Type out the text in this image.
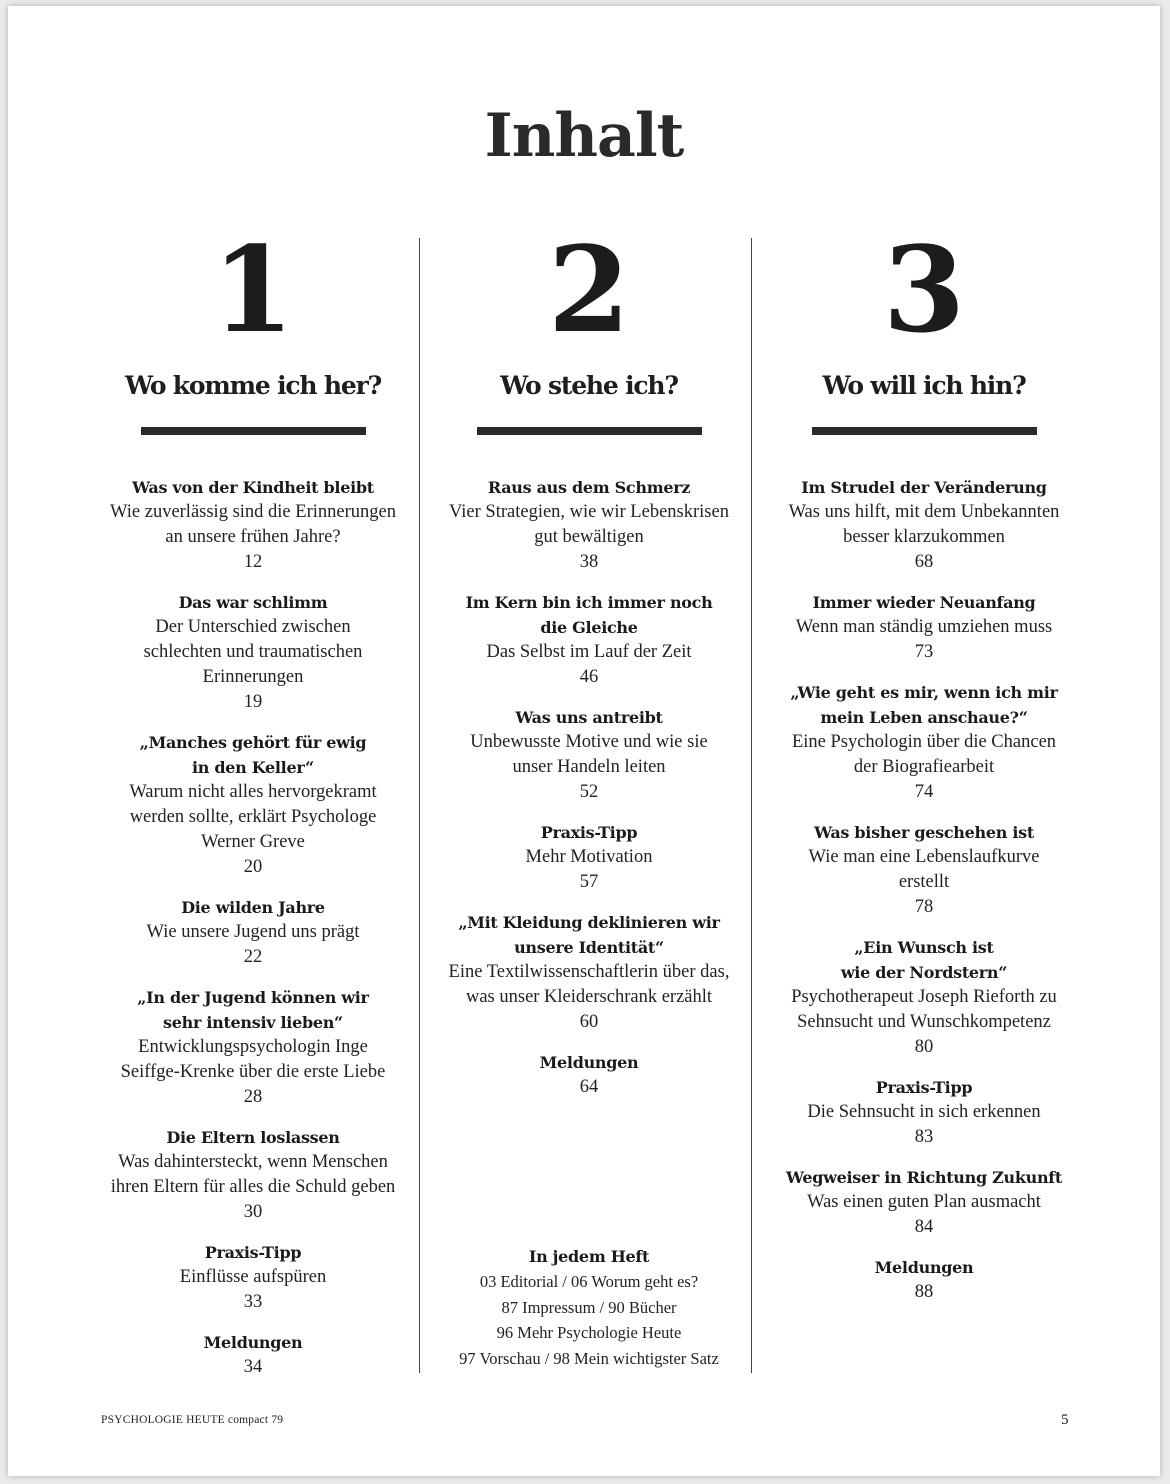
Inhalt
1
Wo komme ich her?
Was von der Kindheit bleibt
Wie zuverlässig sind die Erinnerungen
an unsere frühen Jahre?
12
Das war schlimm
Der Unterschied zwischen
schlechten und traumatischen
Erinnerungen
19
„Manches gehört für ewig
in den Keller“
Warum nicht alles hervorgekramt
werden sollte, erklärt Psychologe
Werner Greve
20
Die wilden Jahre
Wie unsere Jugend uns prägt
22
„In der Jugend können wir
sehr intensiv lieben“
Entwicklungspsychologin Inge
Seiffge-Krenke über die erste Liebe
28
Die Eltern loslassen
Was dahintersteckt, wenn Menschen
ihren Eltern für alles die Schuld geben
30
Praxis-Tipp
Einflüsse aufspüren
33
Meldungen
34
2
Wo stehe ich?
Raus aus dem Schmerz
Vier Strategien, wie wir Lebenskrisen
gut bewältigen
38
Im Kern bin ich immer noch
die Gleiche
Das Selbst im Lauf der Zeit
46
Was uns antreibt
Unbewusste Motive und wie sie
unser Handeln leiten
52
Praxis-Tipp
Mehr Motivation
57
„Mit Kleidung deklinieren wir
unsere Identität“
Eine Textilwissenschaftlerin über das,
was unser Kleiderschrank erzählt
60
Meldungen
64
3
Wo will ich hin?
Im Strudel der Veränderung
Was uns hilft, mit dem Unbekannten
besser klarzukommen
68
Immer wieder Neuanfang
Wenn man ständig umziehen muss
73
„Wie geht es mir, wenn ich mir
mein Leben anschaue?“
Eine Psychologin über die Chancen
der Biografiearbeit
74
Was bisher geschehen ist
Wie man eine Lebenslaufkurve
erstellt
78
„Ein Wunsch ist
wie der Nordstern“
Psychotherapeut Joseph Rieforth zu
Sehnsucht und Wunschkompetenz
80
Praxis-Tipp
Die Sehnsucht in sich erkennen
83
Wegweiser in Richtung Zukunft
Was einen guten Plan ausmacht
84
Meldungen
88
In jedem Heft
03 Editorial / 06 Worum geht es?
87 Impressum / 90 Bücher
96 Mehr Psychologie Heute
97 Vorschau / 98 Mein wichtigster Satz
PSYCHOLOGIE HEUTE compact 79	5
